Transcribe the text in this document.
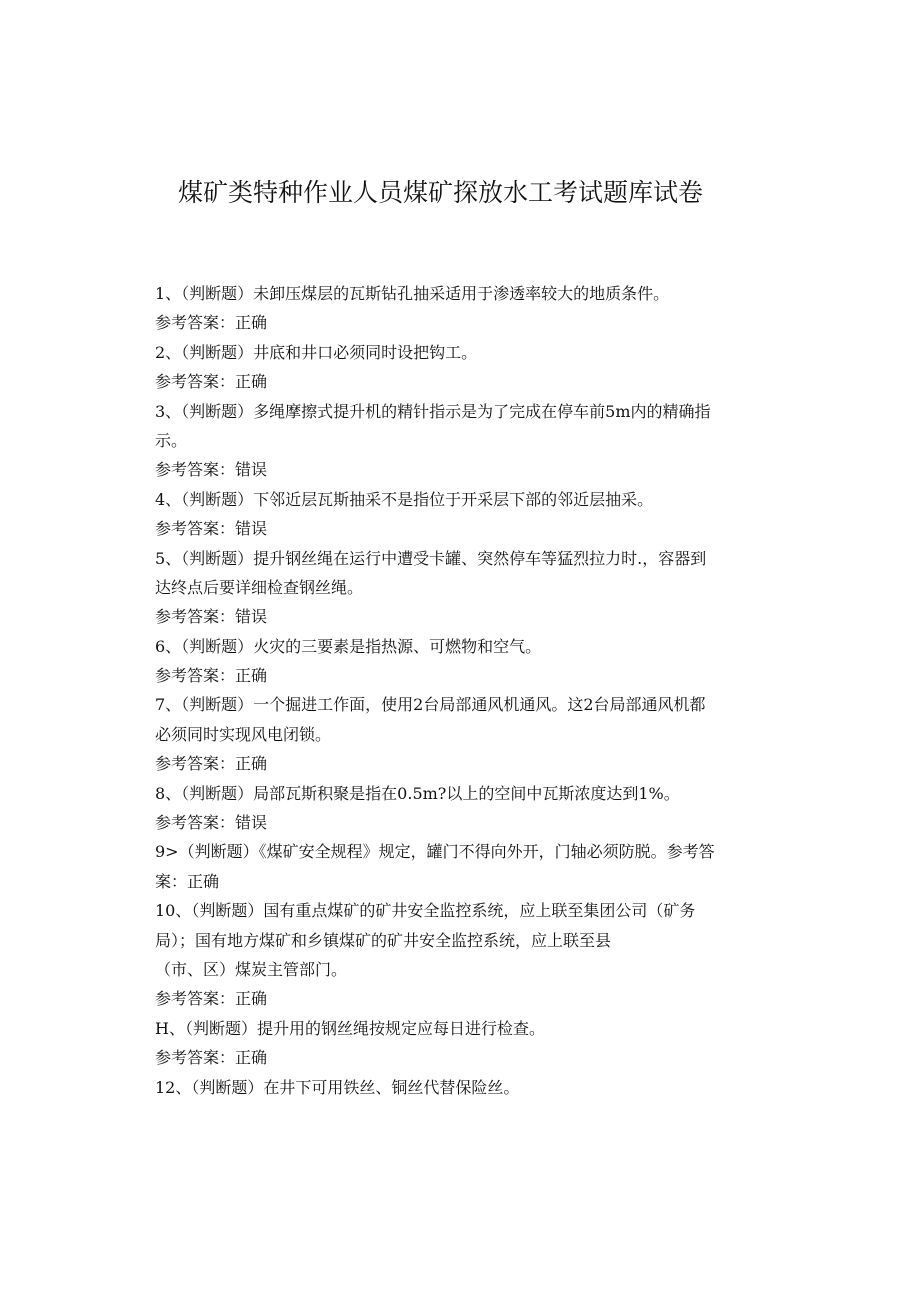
煤矿类特种作业人员煤矿探放水工考试题库试卷
1、（判断题）未卸压煤层的瓦斯钻孔抽采适用于渗透率较大的地质条件。
参考答案：正确
2、（判断题）井底和井口必须同时设把钩工。
参考答案：正确
3、（判断题）多绳摩擦式提升机的精针指示是为了完成在停车前5m内的精确指
示。
参考答案：错误
4、（判断题）下邻近层瓦斯抽采不是指位于开采层下部的邻近层抽采。
参考答案：错误
5、（判断题）提升钢丝绳在运行中遭受卡罐、突然停车等猛烈拉力时.，容器到
达终点后要详细检查钢丝绳。
参考答案：错误
6、（判断题）火灾的三要素是指热源、可燃物和空气。
参考答案：正确
7、（判断题）一个掘进工作面，使用2台局部通风机通风。这2台局部通风机都
必须同时实现风电闭锁。
参考答案：正确
8、（判断题）局部瓦斯积聚是指在0.5m?以上的空间中瓦斯浓度达到1%。
参考答案：错误
9>（判断题）《煤矿安全规程》规定，罐门不得向外开，门轴必须防脱。参考答
案：正确
10、（判断题）国有重点煤矿的矿井安全监控系统，应上联至集团公司（矿务
局）；国有地方煤矿和乡镇煤矿的矿井安全监控系统，应上联至县
（市、区）煤炭主管部门。
参考答案：正确
H、（判断题）提升用的钢丝绳按规定应每日进行检查。
参考答案：正确
12、（判断题）在井下可用铁丝、铜丝代替保险丝。
